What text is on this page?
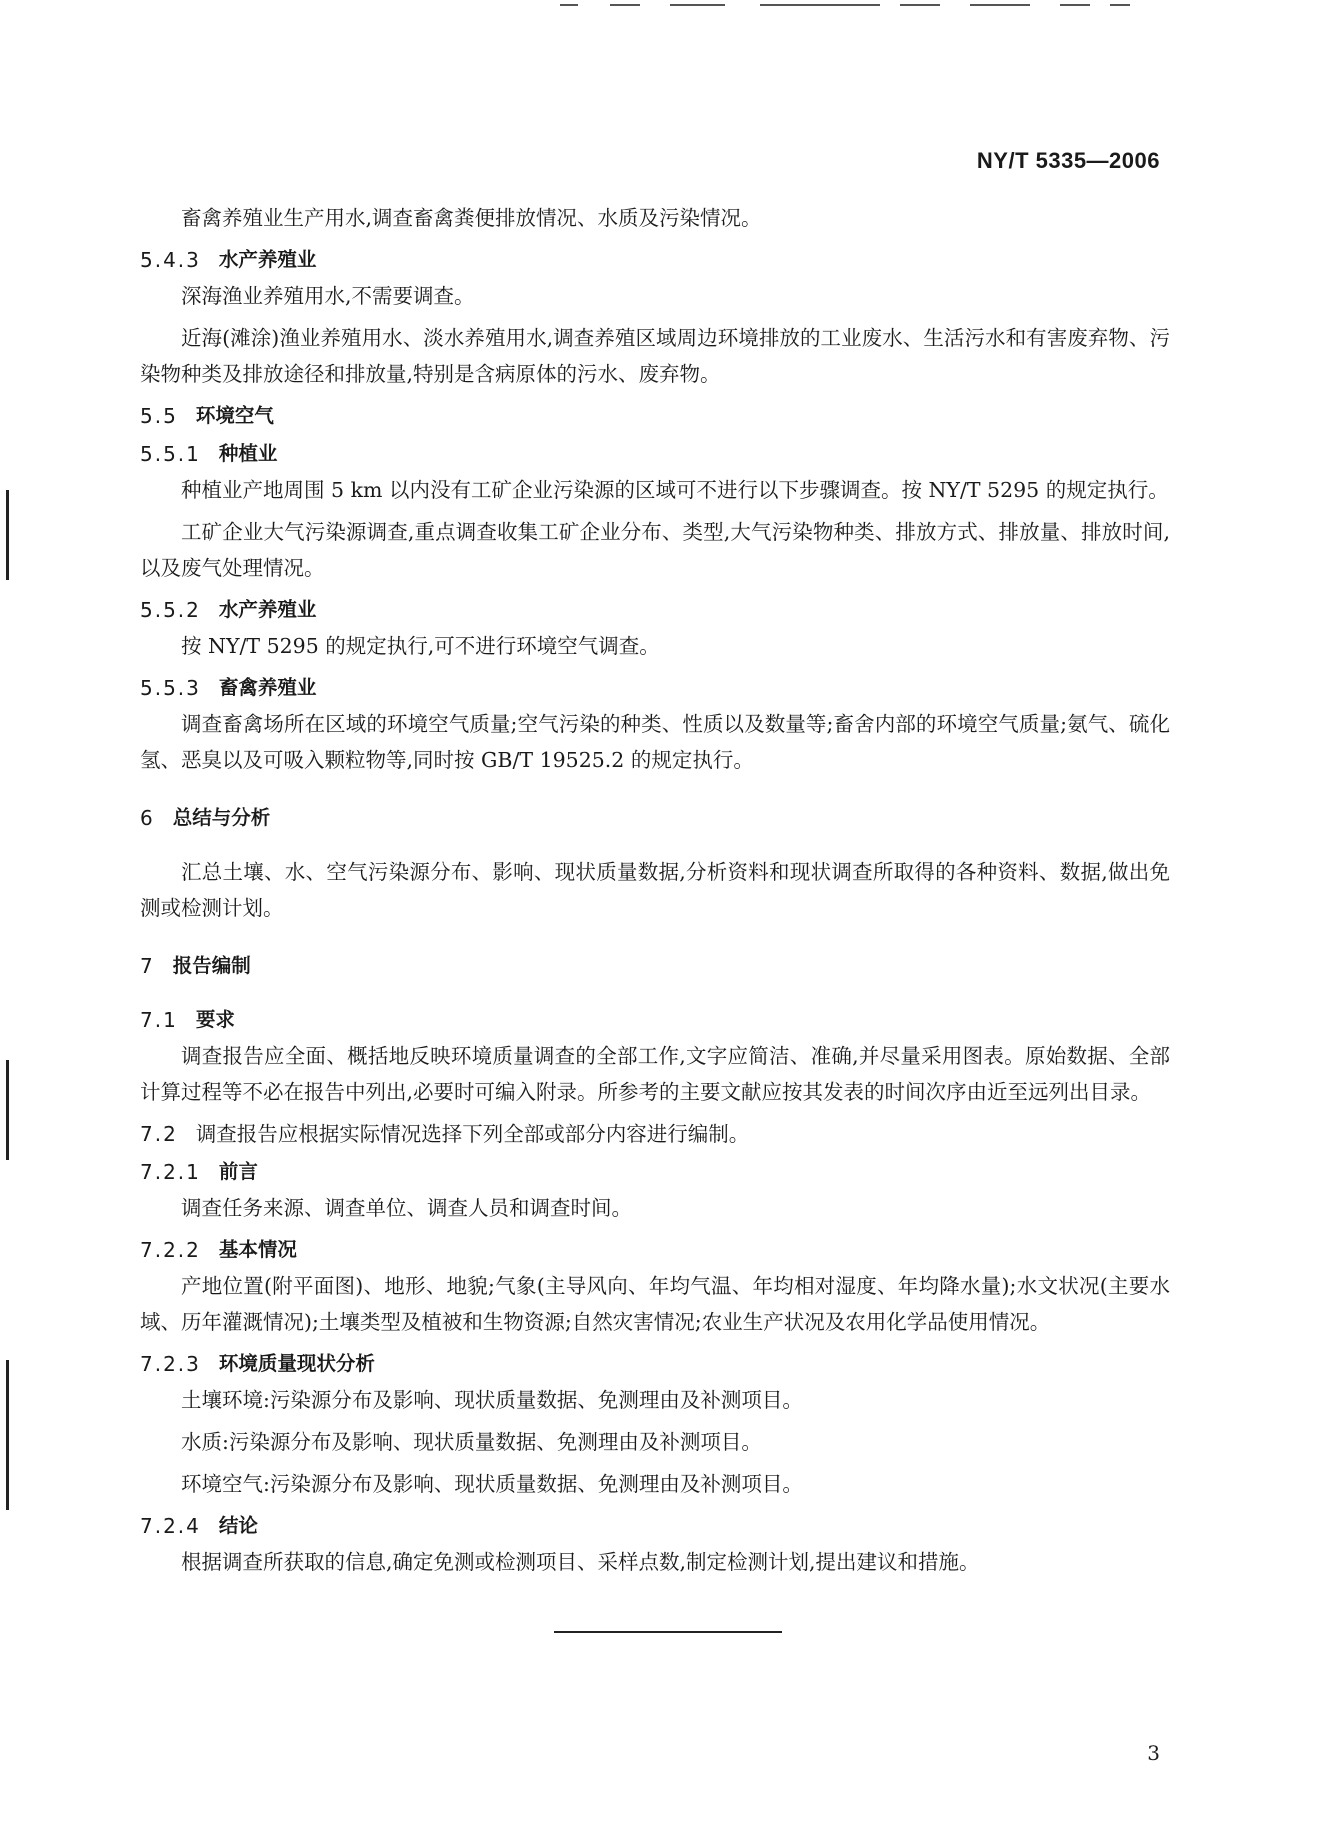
NY/T 5335—2006

畜禽养殖业生产用水,调查畜禽粪便排放情况、水质及污染情况。

5.4.3 水产养殖业

深海渔业养殖用水,不需要调查。

近海(滩涂)渔业养殖用水、淡水养殖用水,调查养殖区域周边环境排放的工业废水、生活污水和有害废弃物、污染物种类及排放途径和排放量,特别是含病原体的污水、废弃物。

5.5 环境空气
5.5.1 种植业

种植业产地周围 5 km 以内没有工矿企业污染源的区域可不进行以下步骤调查。按 NY/T 5295 的规定执行。

工矿企业大气污染源调查,重点调查收集工矿企业分布、类型,大气污染物种类、排放方式、排放量、排放时间,以及废气处理情况。

5.5.2 水产养殖业

按 NY/T 5295 的规定执行,可不进行环境空气调查。

5.5.3 畜禽养殖业

调查畜禽场所在区域的环境空气质量;空气污染的种类、性质以及数量等;畜舍内部的环境空气质量;氨气、硫化氢、恶臭以及可吸入颗粒物等,同时按 GB/T 19525.2 的规定执行。

6 总结与分析

汇总土壤、水、空气污染源分布、影响、现状质量数据,分析资料和现状调查所取得的各种资料、数据,做出免测或检测计划。

7 报告编制
7.1 要求

调查报告应全面、概括地反映环境质量调查的全部工作,文字应简洁、准确,并尽量采用图表。原始数据、全部计算过程等不必在报告中列出,必要时可编入附录。所参考的主要文献应按其发表的时间次序由近至远列出目录。

7.2 调查报告应根据实际情况选择下列全部或部分内容进行编制。
7.2.1 前言

调查任务来源、调查单位、调查人员和调查时间。

7.2.2 基本情况

产地位置(附平面图)、地形、地貌;气象(主导风向、年均气温、年均相对湿度、年均降水量);水文状况(主要水域、历年灌溉情况);土壤类型及植被和生物资源;自然灾害情况;农业生产状况及农用化学品使用情况。

7.2.3 环境质量现状分析

土壤环境:污染源分布及影响、现状质量数据、免测理由及补测项目。

水质:污染源分布及影响、现状质量数据、免测理由及补测项目。

环境空气:污染源分布及影响、现状质量数据、免测理由及补测项目。

7.2.4 结论

根据调查所获取的信息,确定免测或检测项目、采样点数,制定检测计划,提出建议和措施。

3
